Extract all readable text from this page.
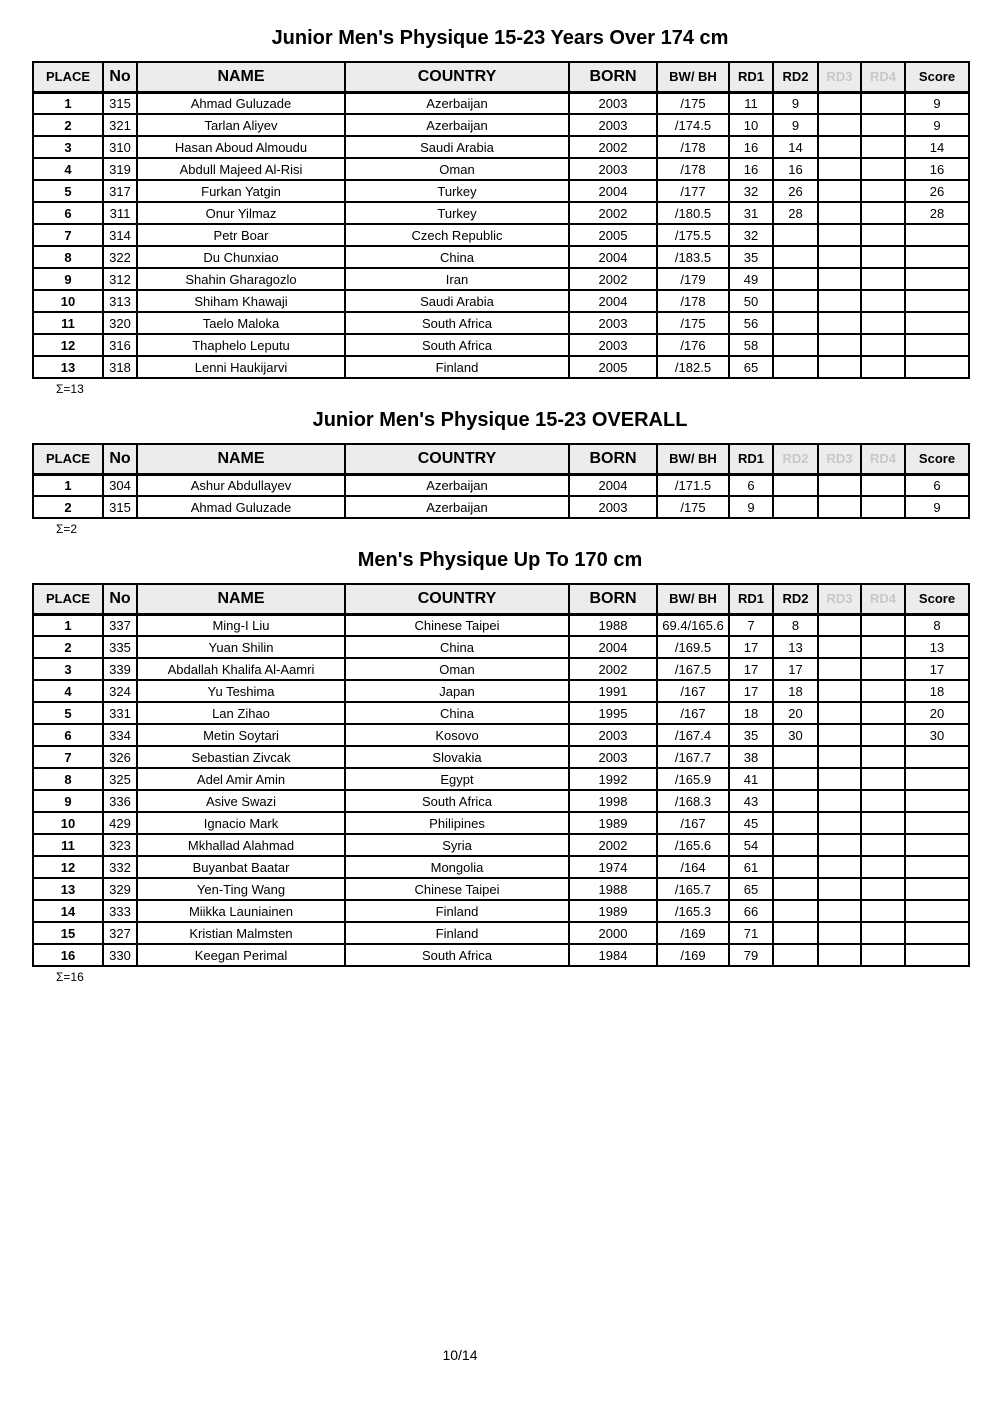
Junior Men's Physique 15-23 Years Over 174 cm
PLACE	No	NAME	COUNTRY	BORN	BW/ BH	RD1	RD2	RD3	RD4	Score
1	315	Ahmad Guluzade	Azerbaijan	2003	/175	11	9			9
2	321	Tarlan Aliyev	Azerbaijan	2003	/174.5	10	9			9
3	310	Hasan Aboud Almoudu	Saudi Arabia	2002	/178	16	14			14
4	319	Abdull Majeed Al-Risi	Oman	2003	/178	16	16			16
5	317	Furkan Yatgin	Turkey	2004	/177	32	26			26
6	311	Onur Yilmaz	Turkey	2002	/180.5	31	28			28
7	314	Petr Boar	Czech Republic	2005	/175.5	32				
8	322	Du Chunxiao	China	2004	/183.5	35				
9	312	Shahin Gharagozlo	Iran	2002	/179	49				
10	313	Shiham Khawaji	Saudi Arabia	2004	/178	50				
11	320	Taelo Maloka	South Africa	2003	/175	56				
12	316	Thaphelo Leputu	South Africa	2003	/176	58				
13	318	Lenni Haukijarvi	Finland	2005	/182.5	65				
Σ=13
Junior Men's Physique 15-23 OVERALL
PLACE	No	NAME	COUNTRY	BORN	BW/ BH	RD1	RD2	RD3	RD4	Score
1	304	Ashur Abdullayev	Azerbaijan	2004	/171.5	6				6
2	315	Ahmad Guluzade	Azerbaijan	2003	/175	9				9
Σ=2
Men's Physique Up To 170 cm
PLACE	No	NAME	COUNTRY	BORN	BW/ BH	RD1	RD2	RD3	RD4	Score
1	337	Ming-I Liu	Chinese Taipei	1988	69.4/165.6	7	8			8
2	335	Yuan Shilin	China	2004	/169.5	17	13			13
3	339	Abdallah Khalifa Al-Aamri	Oman	2002	/167.5	17	17			17
4	324	Yu Teshima	Japan	1991	/167	17	18			18
5	331	Lan Zihao	China	1995	/167	18	20			20
6	334	Metin Soytari	Kosovo	2003	/167.4	35	30			30
7	326	Sebastian Zivcak	Slovakia	2003	/167.7	38				
8	325	Adel Amir Amin	Egypt	1992	/165.9	41				
9	336	Asive Swazi	South Africa	1998	/168.3	43				
10	429	Ignacio Mark	Philipines	1989	/167	45				
11	323	Mkhallad Alahmad	Syria	2002	/165.6	54				
12	332	Buyanbat Baatar	Mongolia	1974	/164	61				
13	329	Yen-Ting Wang	Chinese Taipei	1988	/165.7	65				
14	333	Miikka Launiainen	Finland	1989	/165.3	66				
15	327	Kristian Malmsten	Finland	2000	/169	71				
16	330	Keegan Perimal	South Africa	1984	/169	79				
Σ=16
10/14
